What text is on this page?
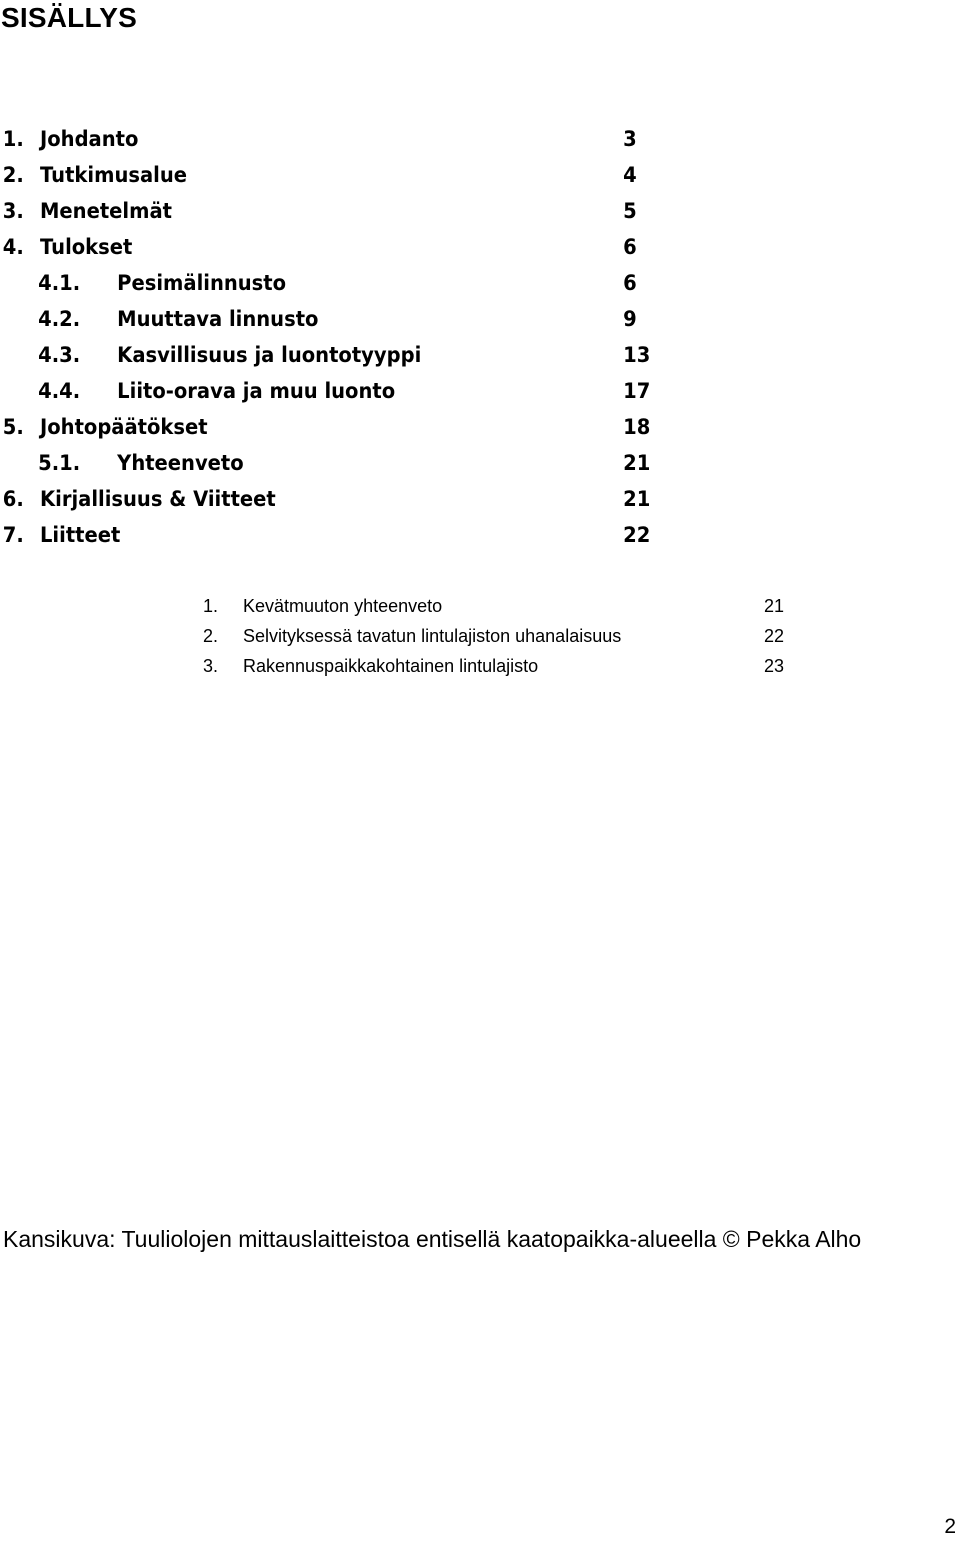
SISÄLLYS
1. Johdanto	3
2. Tutkimusalue	4
3. Menetelmät	5
4. Tulokset	6
4.1. Pesimälinnusto	6
4.2. Muuttava linnusto	9
4.3. Kasvillisuus ja luontotyyppi	13
4.4. Liito-orava ja muu luonto	17
5. Johtopäätökset	18
5.1. Yhteenveto	21
6. Kirjallisuus & Viitteet	21
7. Liitteet	22
1. Kevätmuuton yhteenveto	21
2. Selvityksessä tavatun lintulajiston uhanalaisuus	22
3. Rakennuspaikkakohtainen lintulajisto	23
Kansikuva: Tuuliolojen mittauslaitteistoa entisellä kaatopaikka-alueella © Pekka Alho
2
